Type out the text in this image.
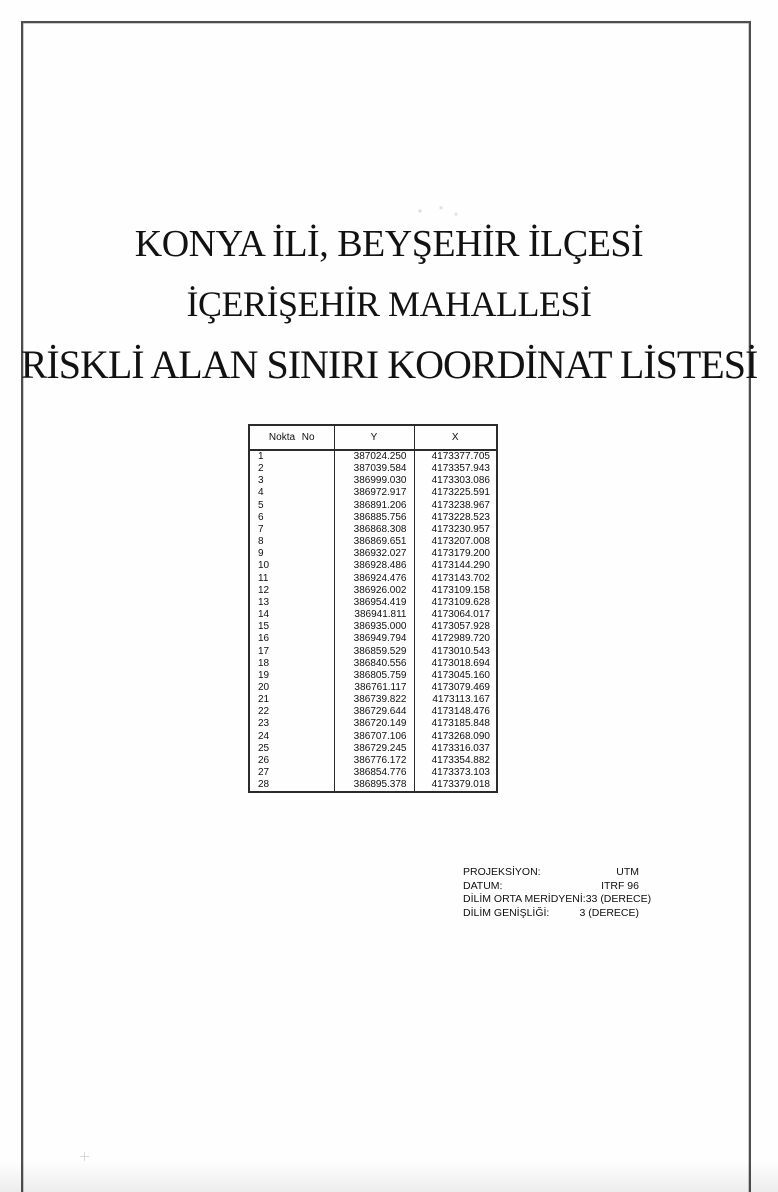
KONYA İLİ, BEYŞEHİR İLÇESİ
İÇERİŞEHİR MAHALLESİ
RİSKLİ ALAN SINIRI KOORDİNAT LİSTESİ
Nokta No	Y	X
1	387024.250	4173377.705
2	387039.584	4173357.943
3	386999.030	4173303.086
4	386972.917	4173225.591
5	386891.206	4173238.967
6	386885.756	4173228.523
7	386868.308	4173230.957
8	386869.651	4173207.008
9	386932.027	4173179.200
10	386928.486	4173144.290
11	386924.476	4173143.702
12	386926.002	4173109.158
13	386954.419	4173109.628
14	386941.811	4173064.017
15	386935.000	4173057.928
16	386949.794	4172989.720
17	386859.529	4173010.543
18	386840.556	4173018.694
19	386805.759	4173045.160
20	386761.117	4173079.469
21	386739.822	4173113.167
22	386729.644	4173148.476
23	386720.149	4173185.848
24	386707.106	4173268.090
25	386729.245	4173316.037
26	386776.172	4173354.882
27	386854.776	4173373.103
28	386895.378	4173379.018
PROJEKSİYON:	UTM
DATUM:	ITRF 96
DİLİM ORTA MERİDYENİ: 33 (DERECE)
DİLİM GENİŞLİĞİ:	3 (DERECE)
